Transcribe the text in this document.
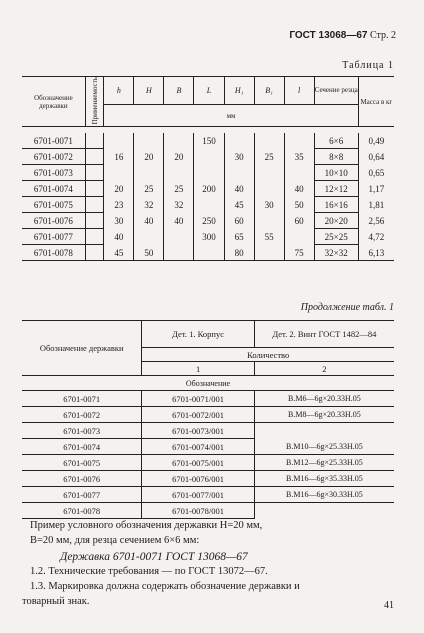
ГОСТ 13068—67 Стр. 2
Таблица 1
Обозначение державки	Применяемость	h	H	B	L	H₁	B₁	l	Сечение резца	Масса в кг
		мм								

6701-0071					150				6×6	0,49
6701-0072		16	20	20		30	25	35	8×8	0,64
6701-0073									10×10	0,65
6701-0074		20	25	25	200	40		40	12×12	1,17
6701-0075		23	32	32		45	30	50	16×16	1,81
6701-0076		30	40	40	250	60		60	20×20	2,56
6701-0077		40			300	65	55		25×25	4,72
6701-0078		45	50			80		75	32×32	6,13
Продолжение табл. 1
Обозначение державки	Дет. 1. Корпус	Дет. 2. Винт ГОСТ 1482—84
	Количество	
	1	2
Обозначение		
6701-0071	6701-0071/001	В.М6—6g×20.33Н.05
6701-0072	6701-0072/001	В.М8—6g×20.33Н.05
6701-0073	6701-0073/001	
6701-0074	6701-0074/001	В.М10—6g×25.33Н.05
6701-0075	6701-0075/001	В.М12—6g×25.33Н.05
6701-0076	6701-0076/001	В.М16—6g×35.33Н.05
6701-0077	6701-0077/001	В.М16—6g×30.33Н.05
6701-0078	6701-0078/001	
Пример условного обозначения державки H=20 мм,
B=20 мм, для резца сечением 6×6 мм:
Державка 6701-0071 ГОСТ 13068—67
1.2. Технические требования — по ГОСТ 13072—67.
1.3. Маркировка должна содержать обозначение державки и
товарный знак.	41
